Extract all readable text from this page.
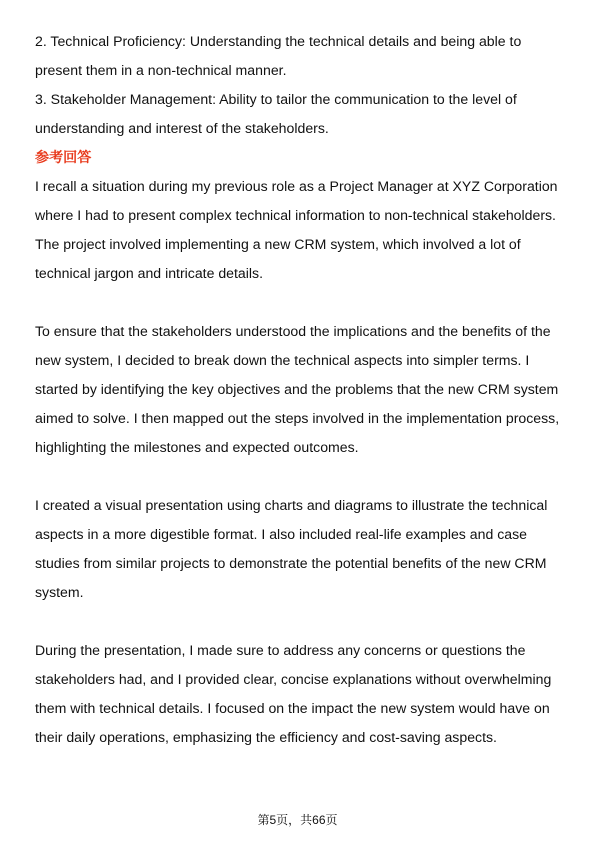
2. Technical Proficiency: Understanding the technical details and being able to present them in a non-technical manner.

3. Stakeholder Management: Ability to tailor the communication to the level of understanding and interest of the stakeholders.

参考回答

I recall a situation during my previous role as a Project Manager at XYZ Corporation where I had to present complex technical information to non-technical stakeholders. The project involved implementing a new CRM system, which involved a lot of technical jargon and intricate details.

To ensure that the stakeholders understood the implications and the benefits of the new system, I decided to break down the technical aspects into simpler terms. I started by identifying the key objectives and the problems that the new CRM system aimed to solve. I then mapped out the steps involved in the implementation process, highlighting the milestones and expected outcomes.

I created a visual presentation using charts and diagrams to illustrate the technical aspects in a more digestible format. I also included real-life examples and case studies from similar projects to demonstrate the potential benefits of the new CRM system.

During the presentation, I made sure to address any concerns or questions the stakeholders had, and I provided clear, concise explanations without overwhelming them with technical details. I focused on the impact the new system would have on their daily operations, emphasizing the efficiency and cost-saving aspects.

第5页，共66页
